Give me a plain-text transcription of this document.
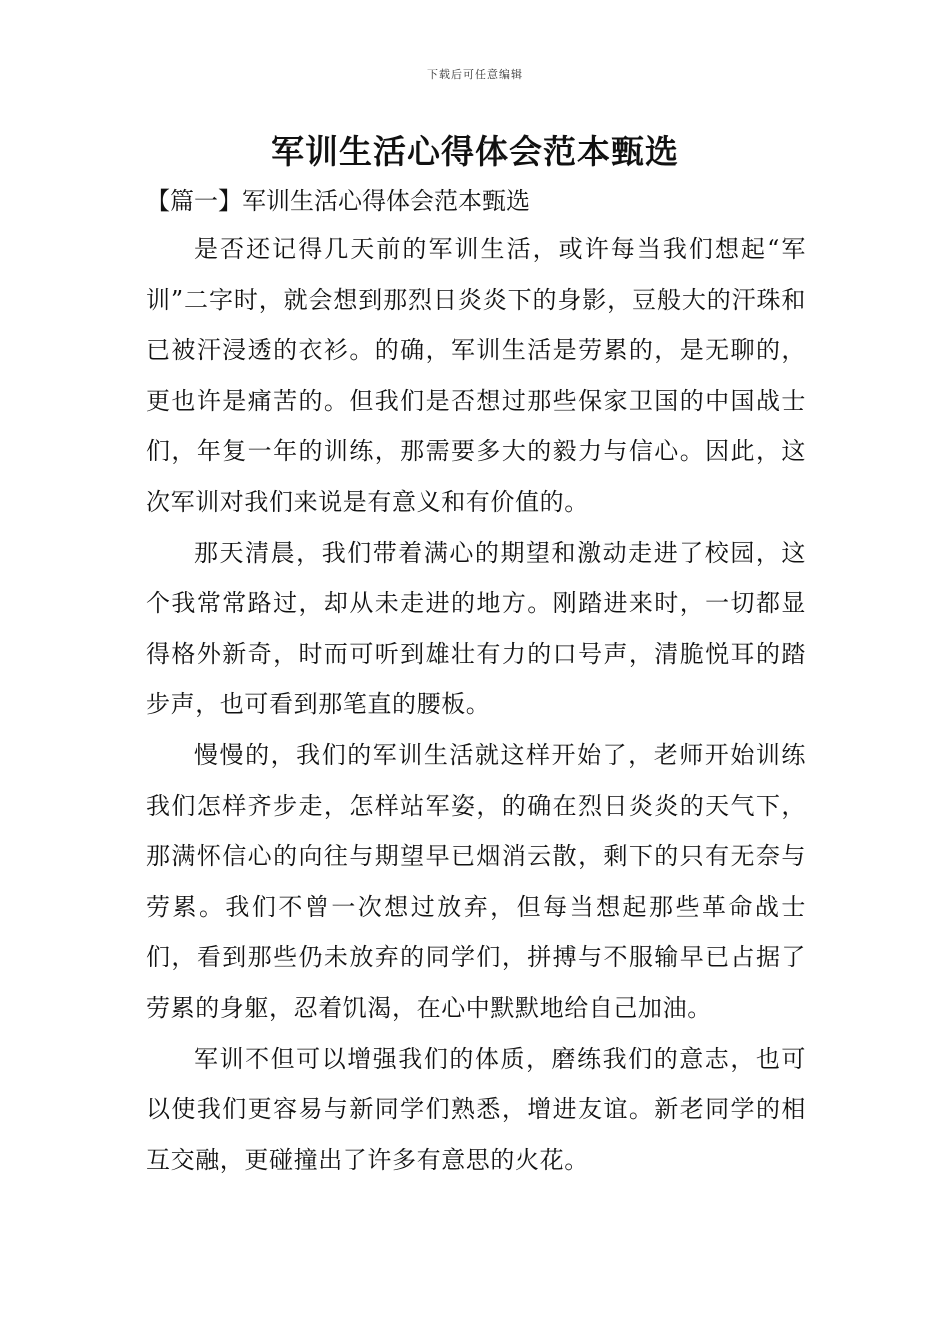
下载后可任意编辑
军训生活心得体会范本甄选
【篇一】军训生活心得体会范本甄选

是否还记得几天前的军训生活，或许每当我们想起“军训”二字时，就会想到那烈日炎炎下的身影，豆般大的汗珠和已被汗浸透的衣衫。的确，军训生活是劳累的，是无聊的，更也许是痛苦的。但我们是否想过那些保家卫国的中国战士们，年复一年的训练，那需要多大的毅力与信心。因此，这次军训对我们来说是有意义和有价值的。

那天清晨，我们带着满心的期望和激动走进了校园，这个我常常路过，却从未走进的地方。刚踏进来时，一切都显得格外新奇，时而可听到雄壮有力的口号声，清脆悦耳的踏步声，也可看到那笔直的腰板。

慢慢的，我们的军训生活就这样开始了，老师开始训练我们怎样齐步走，怎样站军姿，的确在烈日炎炎的天气下，那满怀信心的向往与期望早已烟消云散，剩下的只有无奈与劳累。我们不曾一次想过放弃，但每当想起那些革命战士们，看到那些仍未放弃的同学们，拼搏与不服输早已占据了劳累的身躯，忍着饥渴，在心中默默地给自己加油。

军训不但可以增强我们的体质，磨练我们的意志，也可以使我们更容易与新同学们熟悉，增进友谊。新老同学的相互交融，更碰撞出了许多有意思的火花。
